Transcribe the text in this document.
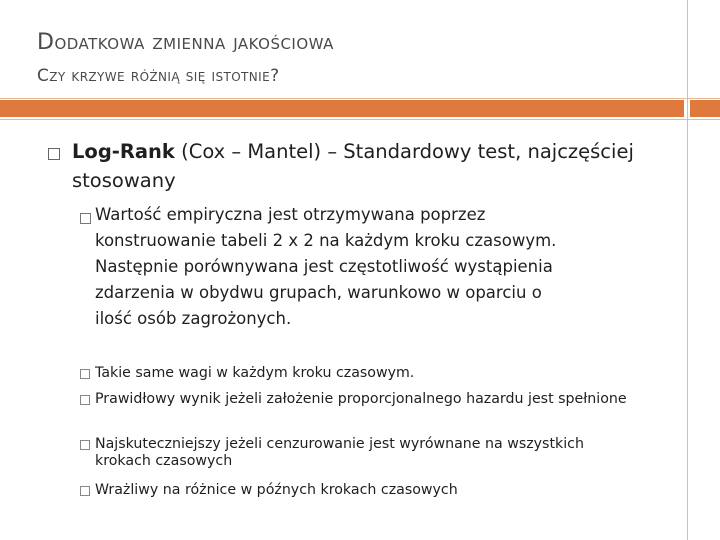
Dodatkowa zmienna jakościowa
Czy krzywe różnią się istotnie?
Log-Rank (Cox – Mantel) – Standardowy test, najczęściej stosowany
Wartość empiryczna jest otrzymywana poprzez konstruowanie tabeli 2 x 2 na każdym kroku czasowym. Następnie porównywana jest częstotliwość wystąpienia zdarzenia w obydwu grupach, warunkowo w oparciu o ilość osób zagrożonych.
Takie same wagi w każdym kroku czasowym.
Prawidłowy wynik jeżeli założenie proporcjonalnego hazardu jest spełnione
Najskuteczniejszy jeżeli cenzurowanie jest wyrównane na wszystkich krokach czasowych
Wrażliwy na różnice w późnych krokach czasowych
